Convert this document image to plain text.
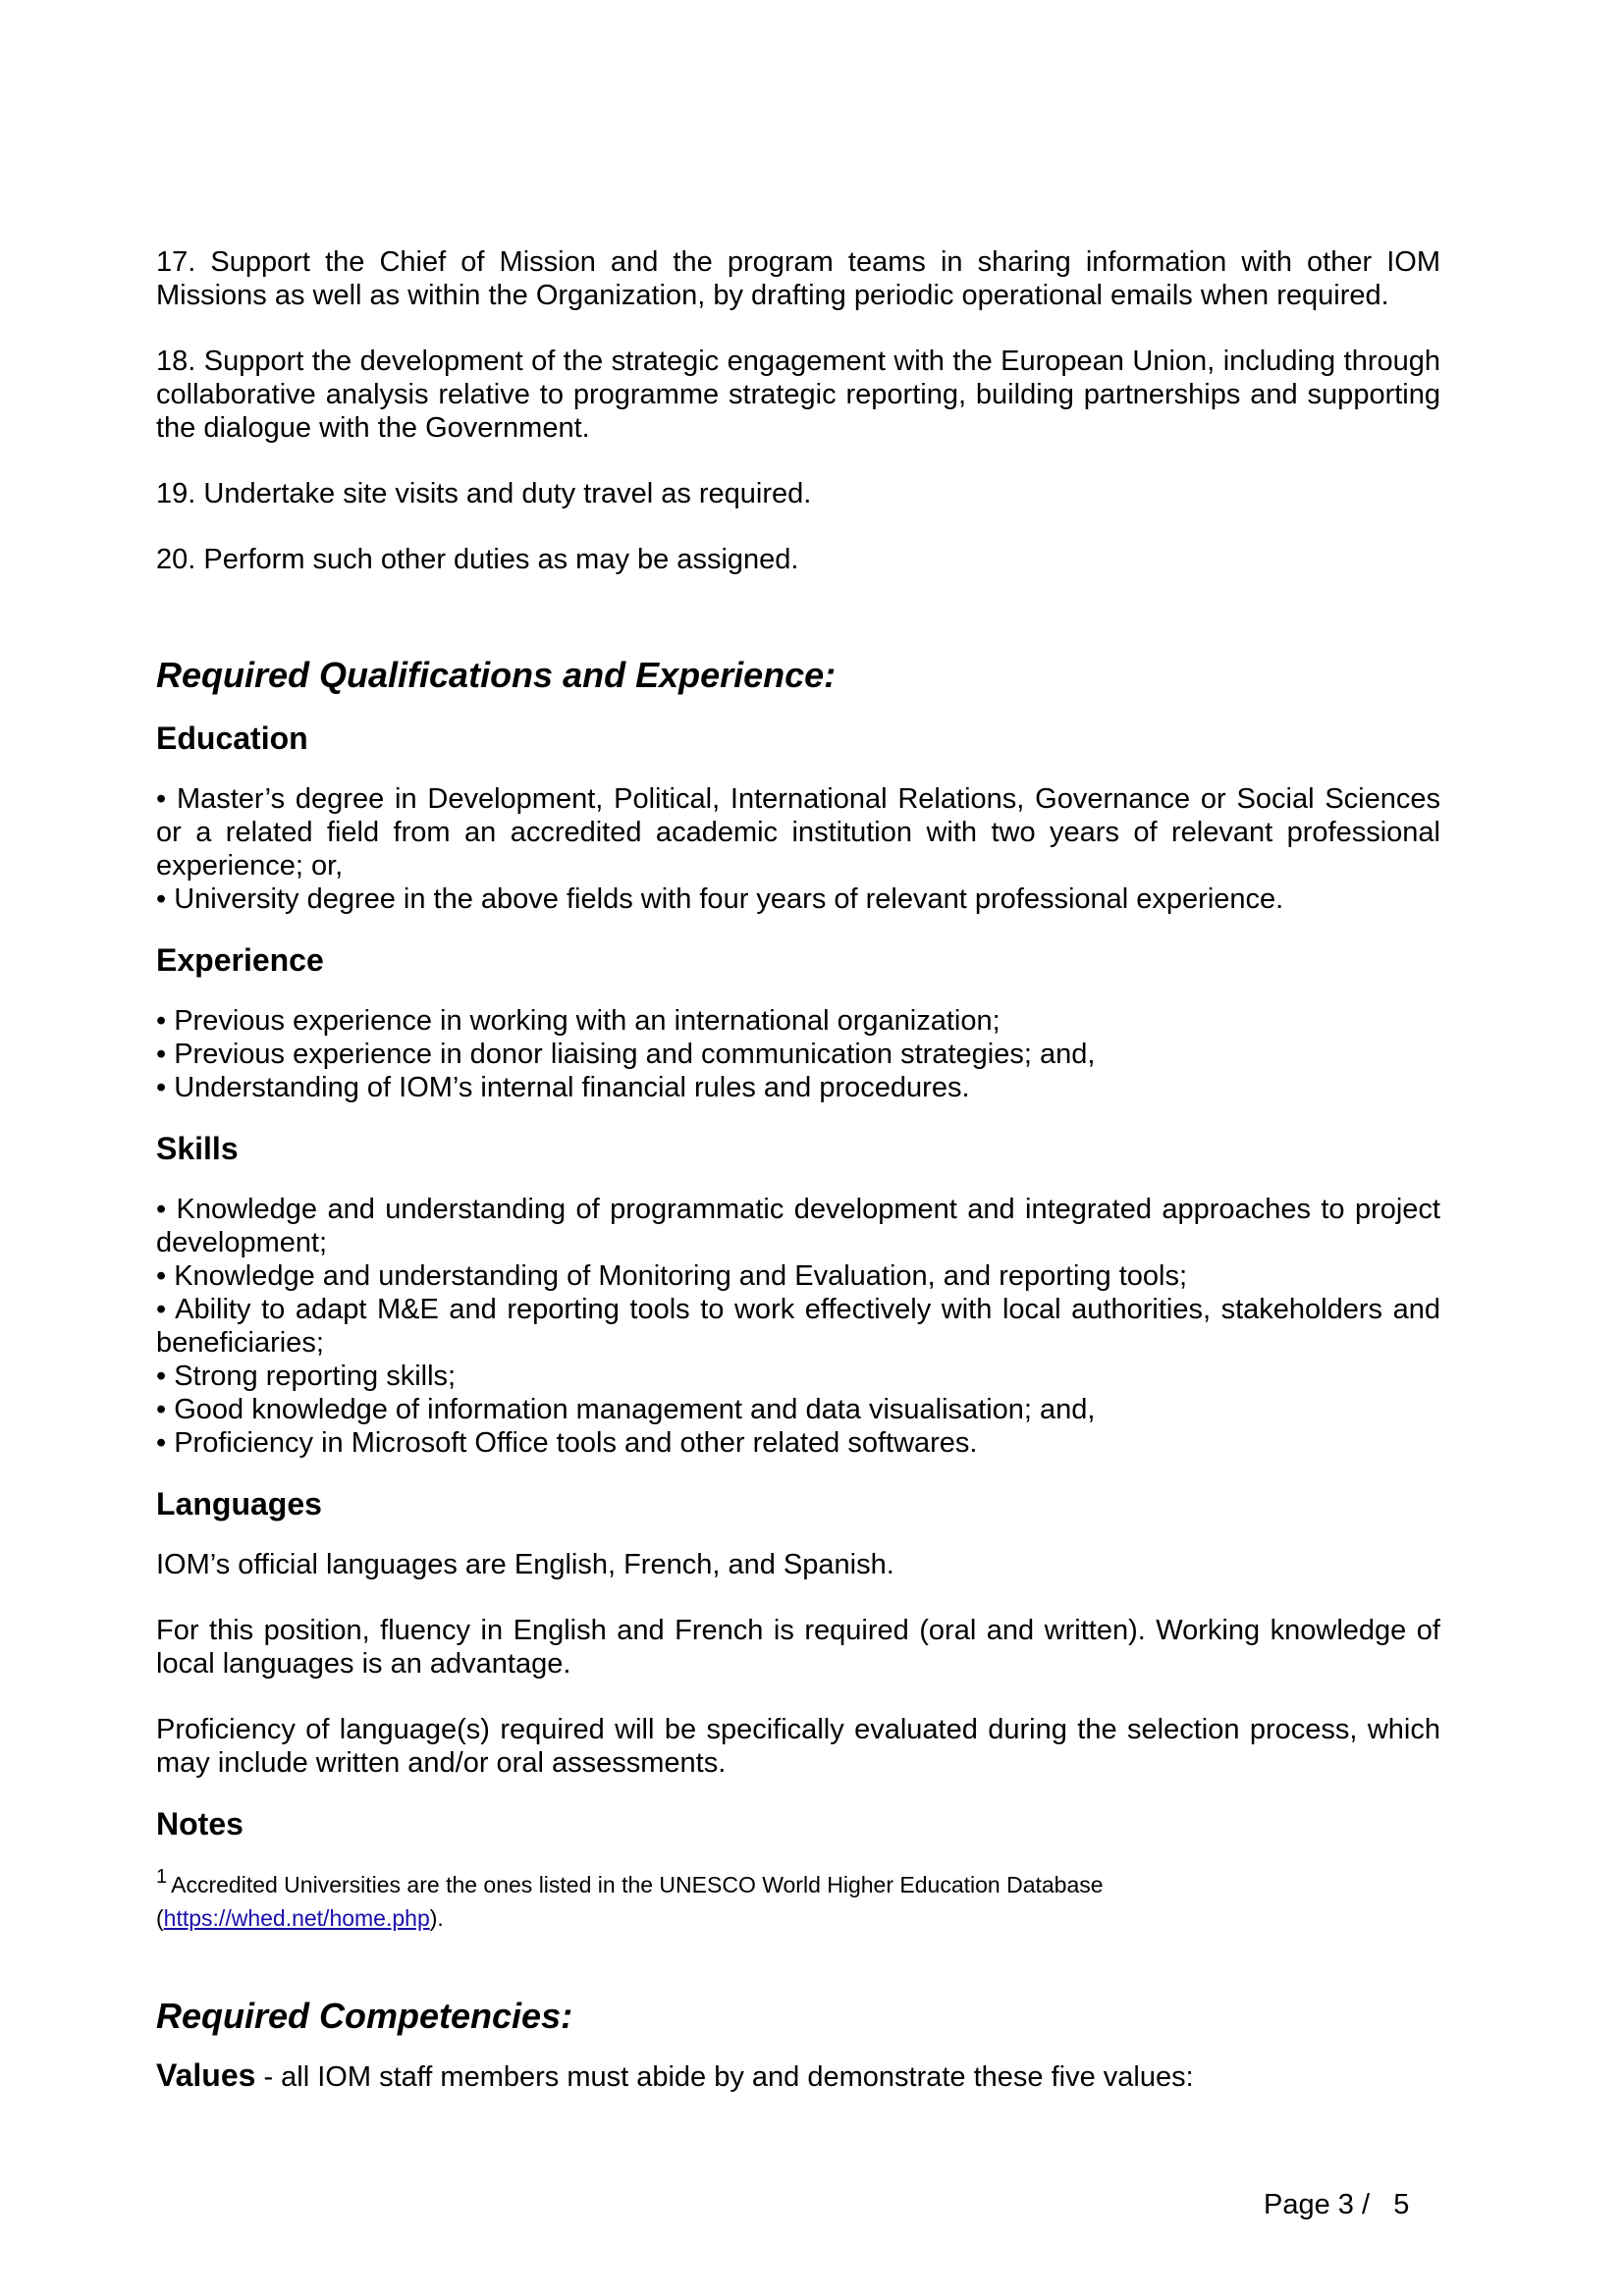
17. Support the Chief of Mission and the program teams in sharing information with other IOM Missions as well as within the Organization, by drafting periodic operational emails when required.

18. Support the development of the strategic engagement with the European Union, including through collaborative analysis relative to programme strategic reporting, building partnerships and supporting the dialogue with the Government.

19. Undertake site visits and duty travel as required.

20. Perform such other duties as may be assigned.

Required Qualifications and Experience:
Education
• Master’s degree in Development, Political, International Relations, Governance or Social Sciences or a related field from an accredited academic institution with two years of relevant professional experience; or,
• University degree in the above fields with four years of relevant professional experience.
Experience
• Previous experience in working with an international organization;
• Previous experience in donor liaising and communication strategies; and,
• Understanding of IOM’s internal financial rules and procedures.
Skills
• Knowledge and understanding of programmatic development and integrated approaches to project development;
• Knowledge and understanding of Monitoring and Evaluation, and reporting tools;
• Ability to adapt M&E and reporting tools to work effectively with local authorities, stakeholders and beneficiaries;
• Strong reporting skills;
• Good knowledge of information management and data visualisation; and,
• Proficiency in Microsoft Office tools and other related softwares.
Languages

IOM’s official languages are English, French, and Spanish.

For this position, fluency in English and French is required (oral and written). Working knowledge of local languages is an advantage.

Proficiency of language(s) required will be specifically evaluated during the selection process, which may include written and/or oral assessments.

Notes

$^1$ Accredited Universities are the ones listed in the UNESCO World Higher Education Database

(https://whed.net/home.php).

Required Competencies:

Values - all IOM staff members must abide by and demonstrate these five values:

Page 3 / 5
